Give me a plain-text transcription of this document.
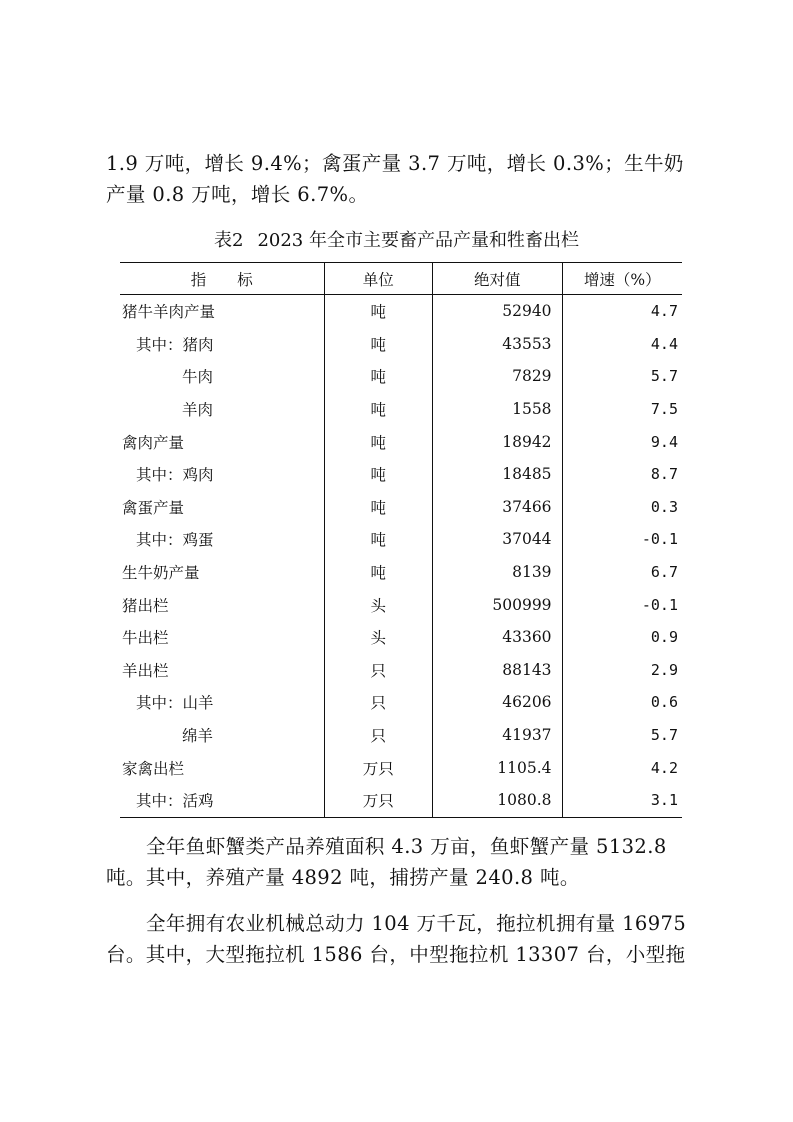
1.9 万吨，增长 9.4%；禽蛋产量 3.7 万吨，增长 0.3%；生牛奶

产量 0.8 万吨，增长 6.7%。

表2 2023 年全市主要畜产品产量和牲畜出栏
指　　标	单位	绝对值	增速（%）
猪牛羊肉产量	吨	52940	4.7
其中：猪肉	吨	43553	4.4
牛肉	吨	7829	5.7
羊肉	吨	1558	7.5
禽肉产量	吨	18942	9.4
其中：鸡肉	吨	18485	8.7
禽蛋产量	吨	37466	0.3
其中：鸡蛋	吨	37044	-0.1
生牛奶产量	吨	8139	6.7
猪出栏	头	500999	-0.1
牛出栏	头	43360	0.9
羊出栏	只	88143	2.9
其中：山羊	只	46206	0.6
绵羊	只	41937	5.7
家禽出栏	万只	1105.4	4.2
其中：活鸡	万只	1080.8	3.1

全年鱼虾蟹类产品养殖面积 4.3 万亩，鱼虾蟹产量 5132.8

吨。其中，养殖产量 4892 吨，捕捞产量 240.8 吨。

全年拥有农业机械总动力 104 万千瓦，拖拉机拥有量 16975

台。其中，大型拖拉机 1586 台，中型拖拉机 13307 台，小型拖
